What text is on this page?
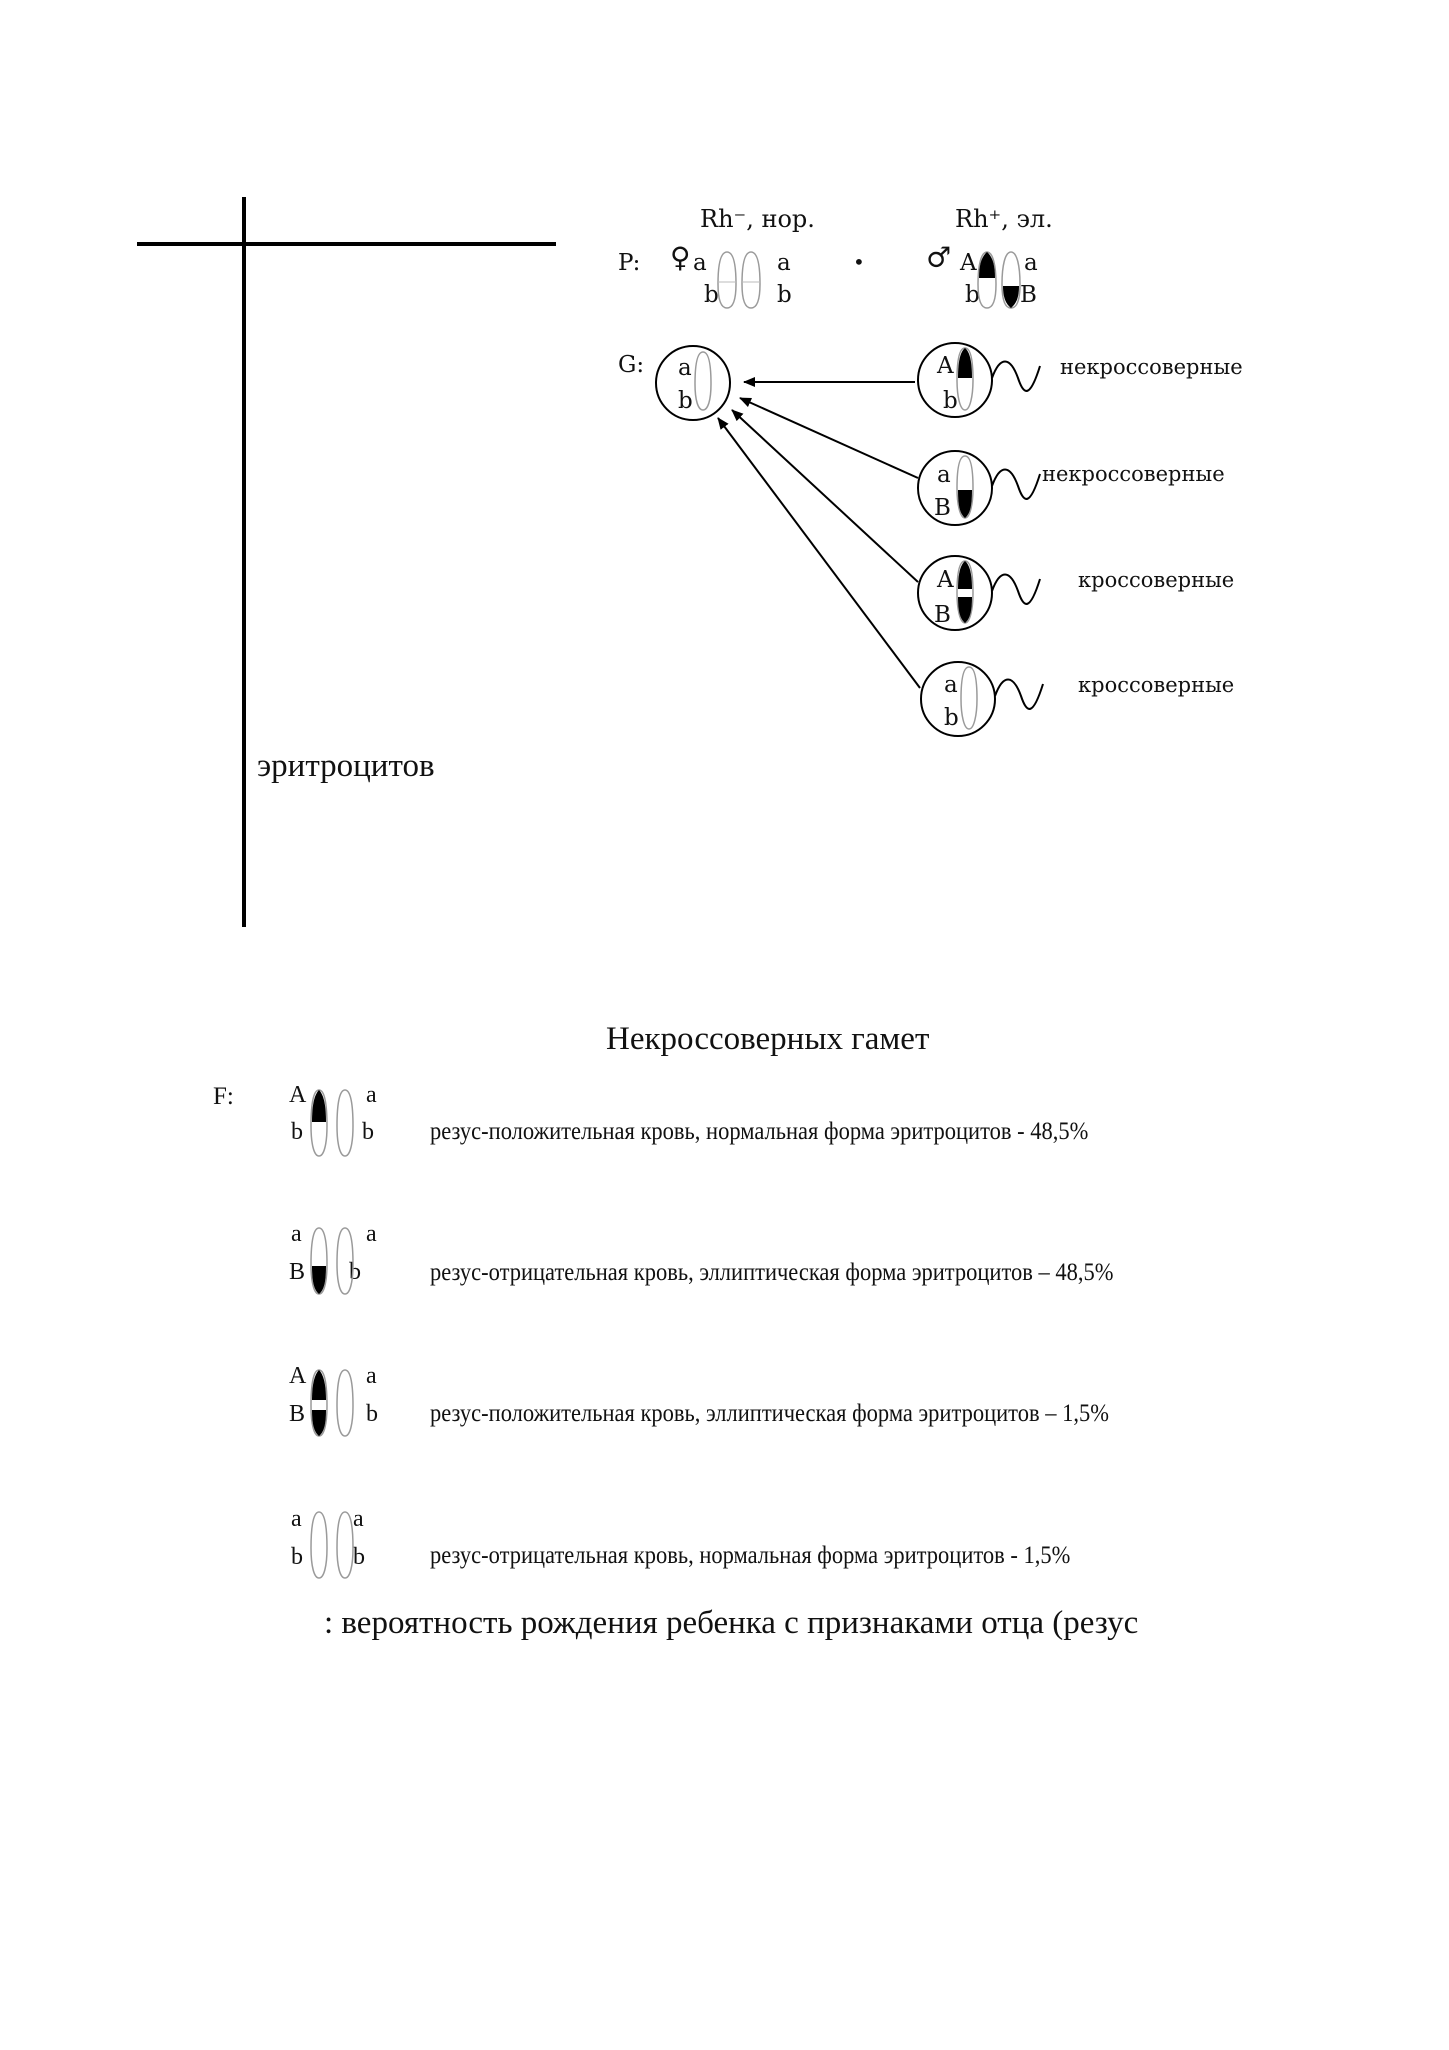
эритроцитов
Rh⁻, нор.	Rh⁺, эл.
P: ♀ a
b
a
b
• ♂ A
b
a
B
G: a
b
A
b
некроссоверные
a
B
некроссоверные
A
B
кроссоверные
a
b
кроссоверные
Некроссоверных гамет
F: A
b
a
b резус-положительная кровь, нормальная форма эритроцитов - 48,5%
a
B
a
b	резус-отрицательная кровь, эллиптическая форма эритроцитов – 48,5%
A
B
a
b резус-положительная кровь, эллиптическая форма эритроцитов – 1,5%
a
b
a
b	резус-отрицательная кровь, нормальная форма эритроцитов - 1,5%
: вероятность рождения ребенка с признаками отца (резус
